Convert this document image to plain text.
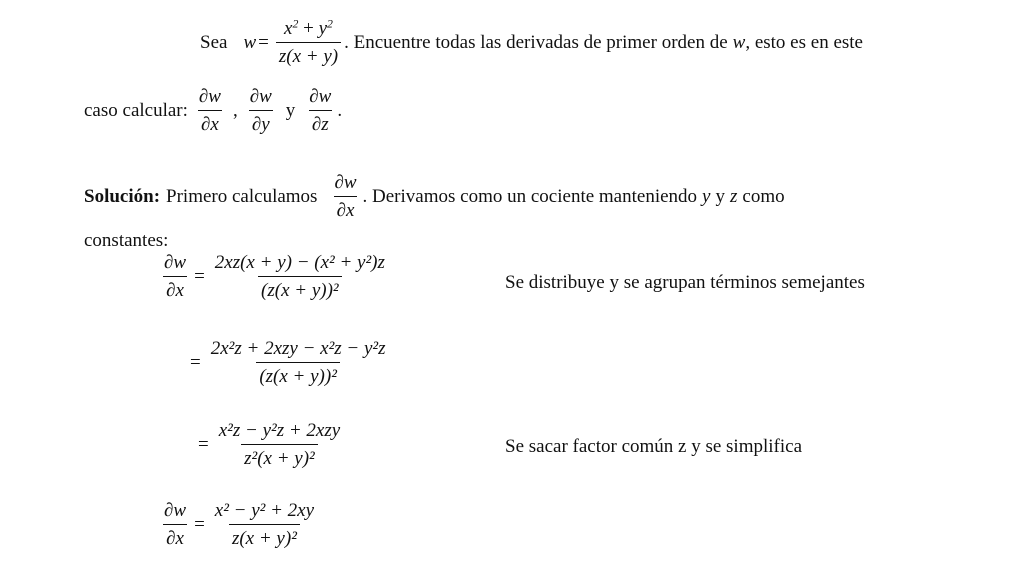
Sea $w = \frac{x^2 + y^2}{z(x + y)}$ . Encuentre todas las derivadas de primer orden de w , esto es en este
caso calcular: $\frac{\partial w}{\partial x}$ , $\frac{\partial w}{\partial y}$ y $\frac{\partial w}{\partial z}$ .
Solución: Primero calculamos $\frac{\partial w}{\partial x}$ . Derivamos como un cociente manteniendo y y z como
constantes:
$\frac{\partial w}{\partial x} = \frac{\text{2xz(x + y) − (x² + y²)z}}{\text{(z(x + y))²}}$	Se distribuye y se agrupan términos semejantes
= $\frac{\text{2x²z + 2xzy − x²z − y²z}}{\text{(z(x + y))²}}$
= $\frac{\text{x²z − y²z + 2xzy}}{\text{z²(x + y)²}}$	Se sacar factor común z y se simplifica
$\frac{\partial w}{\partial x} = \frac{\text{x² − y² + 2xy}}{\text{z(x + y)²}}$
